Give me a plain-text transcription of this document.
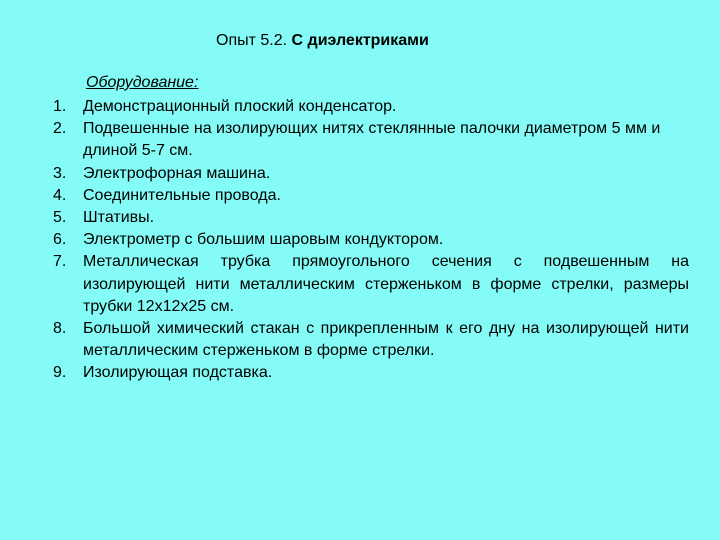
Опыт 5.2. С диэлектриками
Оборудование:
1.	Демонстрационный плоский конденсатор.
2.	Подвешенные на изолирующих нитях стеклянные палочки диаметром 5 мм и длиной 5-7 см.
3.	Электрофорная машина.
4.	Соединительные провода.
5.	Штативы.
6.	Электрометр с большим шаровым кондуктором.
7.	Металлическая трубка прямоугольного сечения с подвешенным на изолирующей нити металлическим стерженьком в форме стрелки, размеры трубки 12x12x25 см.
8.	Большой химический стакан с прикрепленным к его дну на изолирующей нити металлическим стерженьком в форме стрелки.
9.	Изолирующая подставка.
